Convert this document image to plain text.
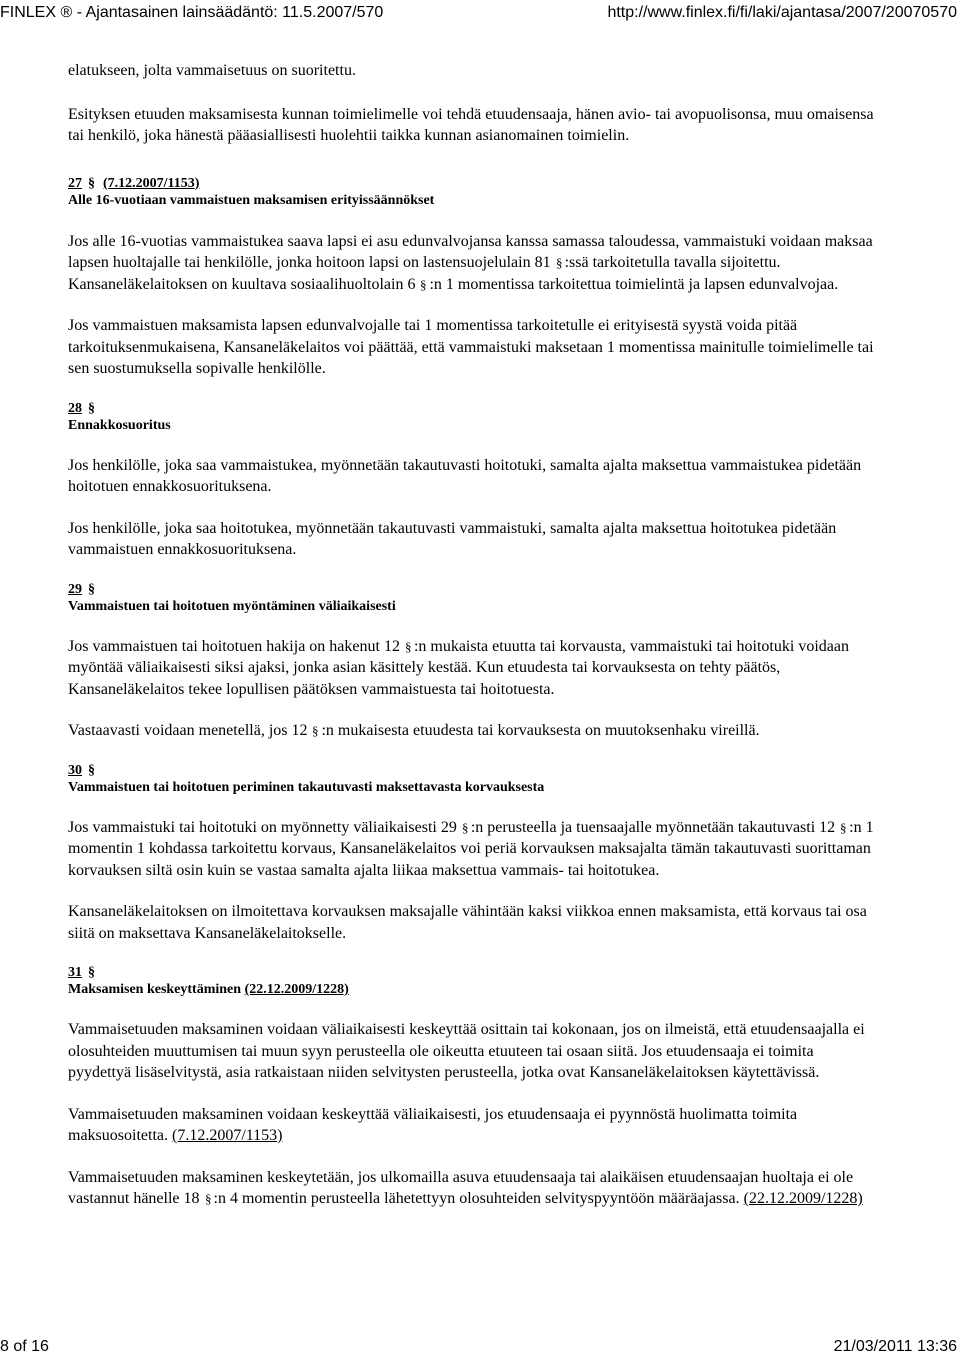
FINLEX ® - Ajantasainen lainsäädäntö: 11.5.2007/570	http://www.finlex.fi/fi/laki/ajantasa/2007/20070570

elatukseen, jolta vammaisetuus on suoritettu.

Esityksen etuuden maksamisesta kunnan toimielimelle voi tehdä etuudensaaja, hänen avio- tai avopuolisonsa, muu omaisensa tai henkilö, joka hänestä pääasiallisesti huolehtii taikka kunnan asianomainen toimielin.

27 § (7.12.2007/1153)
Alle 16-vuotiaan vammaistuen maksamisen erityissäännökset

Jos alle 16-vuotias vammaistukea saava lapsi ei asu edunvalvojansa kanssa samassa taloudessa, vammaistuki voidaan maksaa lapsen huoltajalle tai henkilölle, jonka hoitoon lapsi on lastensuojelulain 81 § :ssä tarkoitetulla tavalla sijoitettu. Kansaneläkelaitoksen on kuultava sosiaalihuoltolain 6 § :n 1 momentissa tarkoitettua toimielintä ja lapsen edunvalvojaa.

Jos vammaistuen maksamista lapsen edunvalvojalle tai 1 momentissa tarkoitetulle ei erityisestä syystä voida pitää tarkoituksenmukaisena, Kansaneläkelaitos voi päättää, että vammaistuki maksetaan 1 momentissa mainitulle toimielimelle tai sen suostumuksella sopivalle henkilölle.

28 §

Ennakkosuoritus

Jos henkilölle, joka saa vammaistukea, myönnetään takautuvasti hoitotuki, samalta ajalta maksettua vammaistukea pidetään hoitotuen ennakkosuorituksena.

Jos henkilölle, joka saa hoitotukea, myönnetään takautuvasti vammaistuki, samalta ajalta maksettua hoitotukea pidetään vammaistuen ennakkosuorituksena.

29 §

Vammaistuen tai hoitotuen myöntäminen väliaikaisesti

Jos vammaistuen tai hoitotuen hakija on hakenut 12 § :n mukaista etuutta tai korvausta, vammaistuki tai hoitotuki voidaan myöntää väliaikaisesti siksi ajaksi, jonka asian käsittely kestää. Kun etuudesta tai korvauksesta on tehty päätös, Kansaneläkelaitos tekee lopullisen päätöksen vammaistuesta tai hoitotuesta.

Vastaavasti voidaan menetellä, jos 12 § :n mukaisesta etuudesta tai korvauksesta on muutoksenhaku vireillä.

30 §

Vammaistuen tai hoitotuen periminen takautuvasti maksettavasta korvauksesta

Jos vammaistuki tai hoitotuki on myönnetty väliaikaisesti 29 § :n perusteella ja tuensaajalle myönnetään takautuvasti 12 § :n 1 momentin 1 kohdassa tarkoitettu korvaus, Kansaneläkelaitos voi periä korvauksen maksajalta tämän takautuvasti suorittaman korvauksen siltä osin kuin se vastaa samalta ajalta liikaa maksettua vammais- tai hoitotukea.

Kansaneläkelaitoksen on ilmoitettava korvauksen maksajalle vähintään kaksi viikkoa ennen maksamista, että korvaus tai osa siitä on maksettava Kansaneläkelaitokselle.

31 §

Maksamisen keskeyttäminen (22.12.2009/1228)

Vammaisetuuden maksaminen voidaan väliaikaisesti keskeyttää osittain tai kokonaan, jos on ilmeistä, että etuudensaajalla ei olosuhteiden muuttumisen tai muun syyn perusteella ole oikeutta etuuteen tai osaan siitä. Jos etuudensaaja ei toimita pyydettyä lisäselvitystä, asia ratkaistaan niiden selvitysten perusteella, jotka ovat Kansaneläkelaitoksen käytettävissä.

Vammaisetuuden maksaminen voidaan keskeyttää väliaikaisesti, jos etuudensaaja ei pyynnöstä huolimatta toimita maksuosoitetta. (7.12.2007/1153)

Vammaisetuuden maksaminen keskeytetään, jos ulkomailla asuva etuudensaaja tai alaikäisen etuudensaajan huoltaja ei ole vastannut hänelle 18 § :n 4 momentin perusteella lähetettyyn olosuhteiden selvityspyyntöön määräajassa. (22.12.2009/1228)

8 of 16	21/03/2011 13:36
